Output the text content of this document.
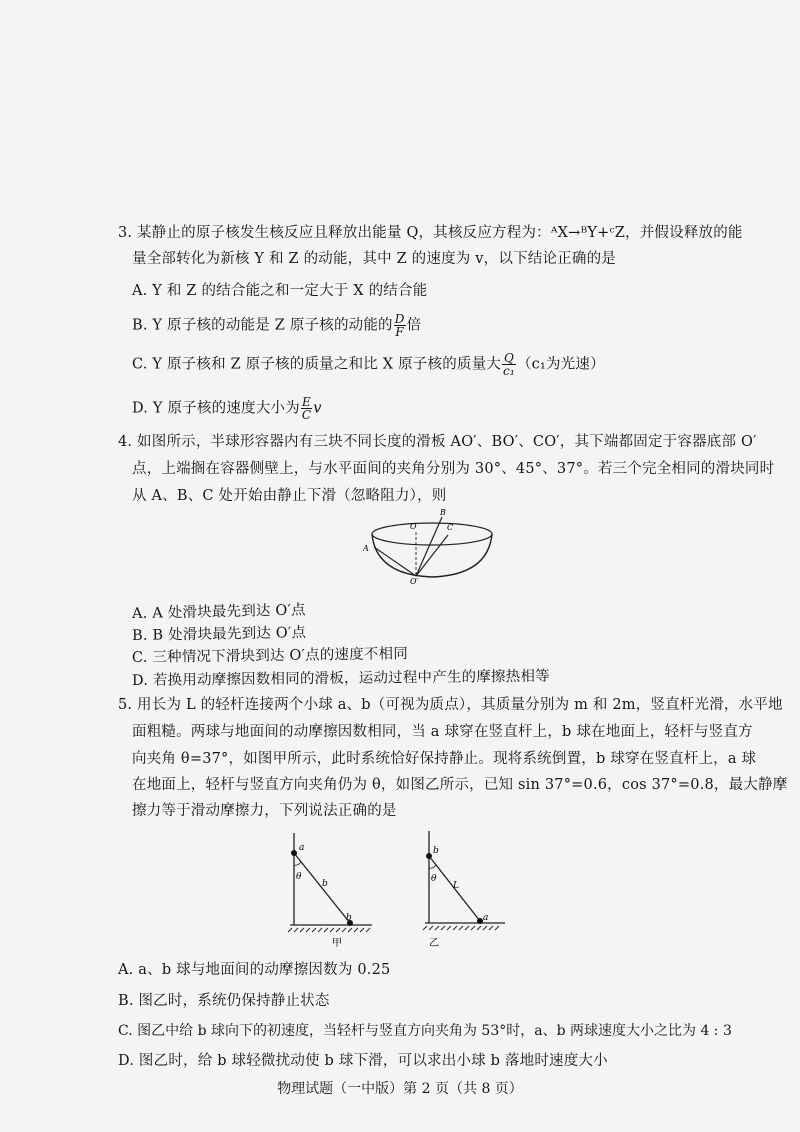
3. 某静止的原子核发生核反应且释放出能量 Q，其核反应方程为：ᴬX→ᴮY+ᶜZ，并假设释放的能
量全部转化为新核 Y 和 Z 的动能，其中 Z 的速度为 v，以下结论正确的是
A. Y 和 Z 的结合能之和一定大于 X 的结合能
B. Y 原子核的动能是 Z 原子核的动能的 $\frac{D}{F}$ 倍
C. Y 原子核和 Z 原子核的质量之和比 X 原子核的质量大 $\frac{Q}{\text{c₁}} (c_1$为光速）
D. Y 原子核的速度大小为 $\frac{E}{C}$ v
4. 如图所示，半球形容器内有三块不同长度的滑板 AO′、BO′、CO′，其下端都固定于容器底部 O′
点，上端搁在容器侧壁上，与水平面间的夹角分别为 30°、45°、37°。若三个完全相同的滑块同时
从 A、B、C 处开始由静止下滑（忽略阻力），则
O
B
C
A
O′
A. A 处滑块最先到达 O′点
B. B 处滑块最先到达 O′点
C. 三种情况下滑块到达 O′点的速度不相同
D. 若换用动摩擦因数相同的滑板，运动过程中产生的摩擦热相等
5. 用长为 L 的轻杆连接两个小球 a、b（可视为质点），其质量分别为 m 和 2m，竖直杆光滑，水平地
面粗糙。两球与地面间的动摩擦因数相同，当 a 球穿在竖直杆上，b 球在地面上，轻杆与竖直方
向夹角 θ=37°，如图甲所示，此时系统恰好保持静止。现将系统倒置，b 球穿在竖直杆上，a 球
在地面上，轻杆与竖直方向夹角仍为 θ，如图乙所示，已知 sin 37°=0.6，cos 37°=0.8，最大静摩
擦力等于滑动摩擦力，下列说法正确的是
a
θ
b
b
甲
b
θ
L
a
乙
A. a、b 球与地面间的动摩擦因数为 0.25
B. 图乙时，系统仍保持静止状态
C. 图乙中给 b 球向下的初速度，当轻杆与竖直方向夹角为 53°时，a、b 两球速度大小之比为 4 : 3
D. 图乙时，给 b 球轻微扰动使 b 球下滑，可以求出小球 b 落地时速度大小
物理试题（一中版）第 2 页（共 8 页）
